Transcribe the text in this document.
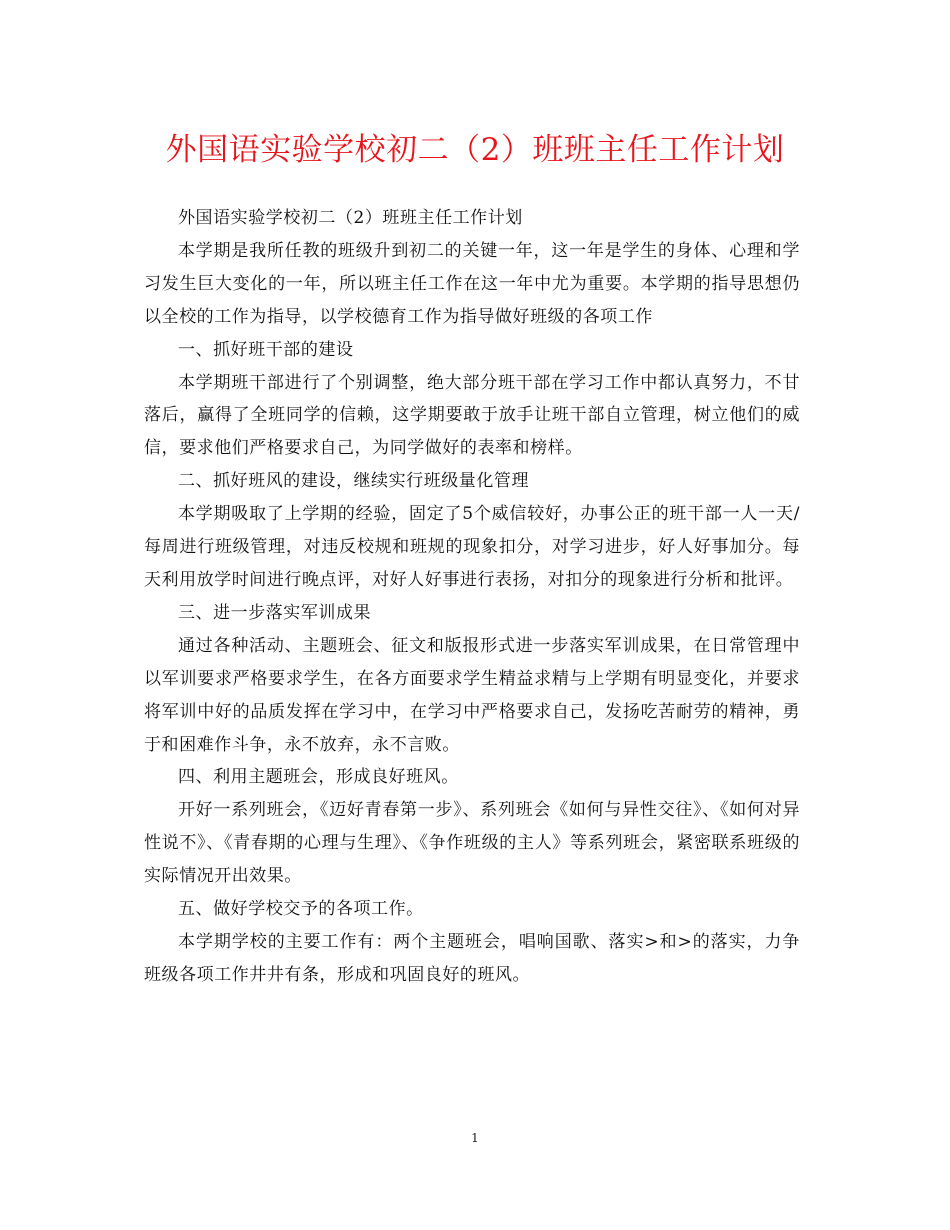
外国语实验学校初二（2）班班主任工作计划

外国语实验学校初二（2）班班主任工作计划

本学期是我所任教的班级升到初二的关键一年，这一年是学生的身体、心理和学习发生巨大变化的一年，所以班主任工作在这一年中尤为重要。本学期的指导思想仍以全校的工作为指导，以学校德育工作为指导做好班级的各项工作

一、抓好班干部的建设

本学期班干部进行了个别调整，绝大部分班干部在学习工作中都认真努力，不甘落后，赢得了全班同学的信赖，这学期要敢于放手让班干部自立管理，树立他们的威信，要求他们严格要求自己，为同学做好的表率和榜样。

二、抓好班风的建设，继续实行班级量化管理

本学期吸取了上学期的经验，固定了5个威信较好，办事公正的班干部一人一天/每周进行班级管理，对违反校规和班规的现象扣分，对学习进步，好人好事加分。每天利用放学时间进行晚点评，对好人好事进行表扬，对扣分的现象进行分析和批评。

三、进一步落实军训成果

通过各种活动、主题班会、征文和版报形式进一步落实军训成果，在日常管理中以军训要求严格要求学生，在各方面要求学生精益求精与上学期有明显变化，并要求将军训中好的品质发挥在学习中，在学习中严格要求自己，发扬吃苦耐劳的精神，勇于和困难作斗争，永不放弃，永不言败。

四、利用主题班会，形成良好班风。

开好一系列班会，《迈好青春第一步》、系列班会《如何与异性交往》、《如何对异性说不》、《青春期的心理与生理》、《争作班级的主人》等系列班会，紧密联系班级的实际情况开出效果。

五、做好学校交予的各项工作。

本学期学校的主要工作有：两个主题班会，唱响国歌、落实>和>的落实，力争班级各项工作井井有条，形成和巩固良好的班风。

1
